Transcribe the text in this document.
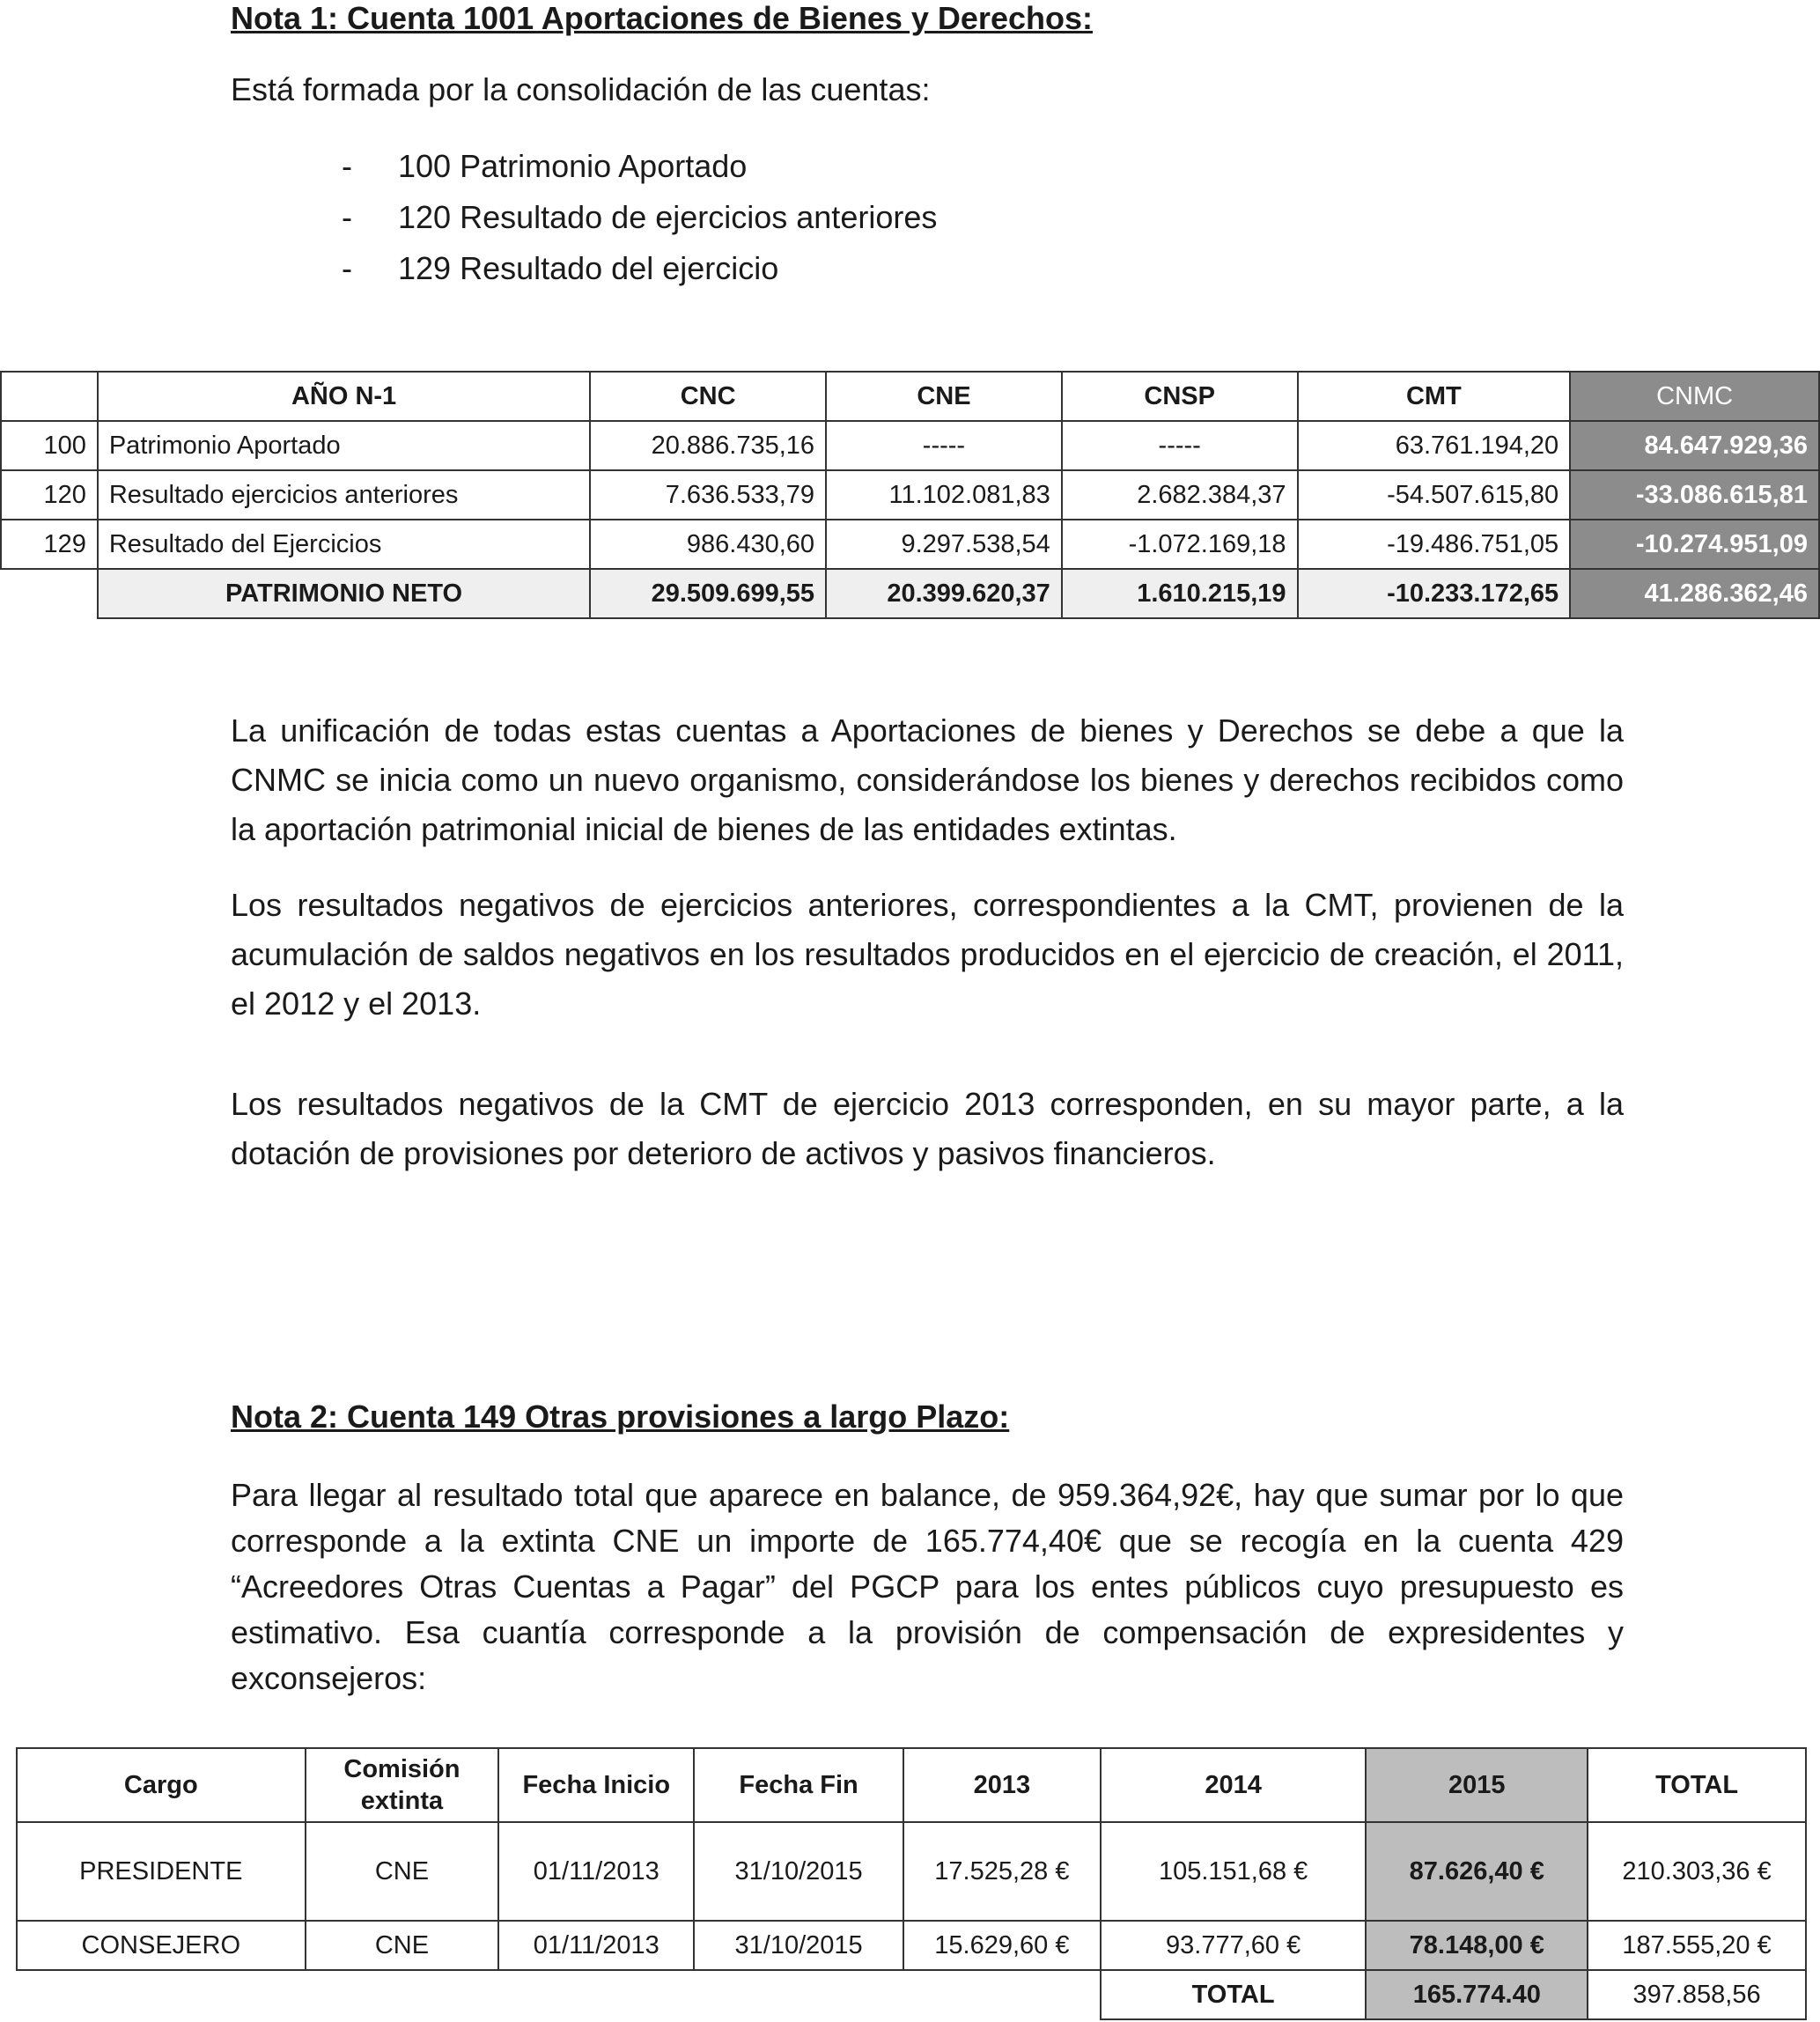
Nota 1: Cuenta 1001 Aportaciones de Bienes y Derechos:

Está formada por la consolidación de las cuentas:

- 100 Patrimonio Aportado
- 120 Resultado de ejercicios anteriores
- 129 Resultado del ejercicio
	AÑO N-1	CNC	CNE	CNSP	CMT	CNMC
100	Patrimonio Aportado	20.886.735,16	-----	-----	63.761.194,20	84.647.929,36
120	Resultado ejercicios anteriores	7.636.533,79	11.102.081,83	2.682.384,37	-54.507.615,80	-33.086.615,81
129	Resultado del Ejercicios	986.430,60	9.297.538,54	-1.072.169,18	-19.486.751,05	-10.274.951,09
	PATRIMONIO NETO	29.509.699,55	20.399.620,37	1.610.215,19	-10.233.172,65	41.286.362,46

La unificación de todas estas cuentas a Aportaciones de bienes y Derechos se debe a que la CNMC se inicia como un nuevo organismo, considerándose los bienes y derechos recibidos como la aportación patrimonial inicial de bienes de las entidades extintas.

Los resultados negativos de ejercicios anteriores, correspondientes a la CMT, provienen de la acumulación de saldos negativos en los resultados producidos en el ejercicio de creación, el 2011, el 2012 y el 2013.

Los resultados negativos de la CMT de ejercicio 2013 corresponden, en su mayor parte, a la dotación de provisiones por deterioro de activos y pasivos financieros.

Nota 2: Cuenta 149 Otras provisiones a largo Plazo:

Para llegar al resultado total que aparece en balance, de 959.364,92€, hay que sumar por lo que corresponde a la extinta CNE un importe de 165.774,40€ que se recogía en la cuenta 429 “Acreedores Otras Cuentas a Pagar” del PGCP para los entes públicos cuyo presupuesto es estimativo. Esa cuantía corresponde a la provisión de compensación de expresidentes y exconsejeros:

Cargo	Comisión extinta	Fecha Inicio	Fecha Fin	2013	2014	2015	TOTAL
PRESIDENTE	CNE	01/11/2013	31/10/2015	17.525,28 €	105.151,68 €	87.626,40 €	210.303,36 €
CONSEJERO	CNE	01/11/2013	31/10/2015	15.629,60 €	93.777,60 €	78.148,00 €	187.555,20 €
					TOTAL	165.774.40	397.858,56
